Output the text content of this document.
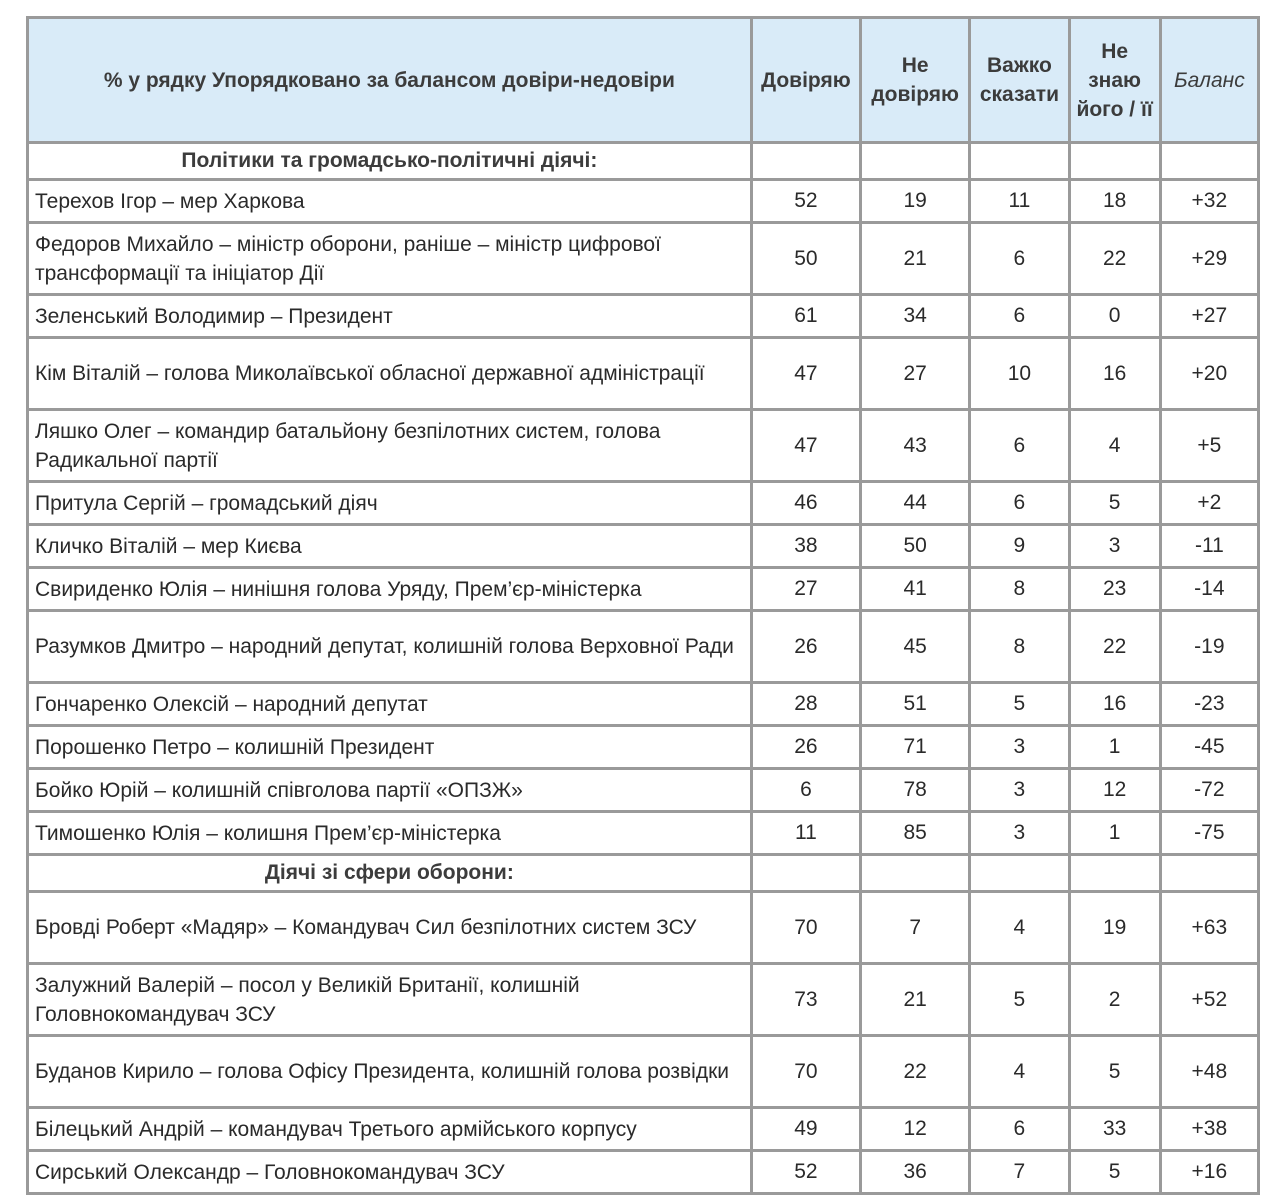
% у рядку Упорядковано за балансом довіри-недовіри	Довіряю	Не довіряю	Важко сказати	Не знаю його / її	Баланс
Політики та громадсько-політичні діячі:					
Терехов Ігор – мер Харкова	52	19	11	18	+32
Федоров Михайло – міністр оборони, раніше – міністр цифрової трансформації та ініціатор Дії	50	21	6	22	+29
Зеленський Володимир – Президент	61	34	6	0	+27
Кім Віталій – голова Миколаївської обласної державної адміністрації	47	27	10	16	+20
Ляшко Олег – командир батальйону безпілотних систем, голова Радикальної партії	47	43	6	4	+5
Притула Сергій – громадський діяч	46	44	6	5	+2
Кличко Віталій – мер Києва	38	50	9	3	-11
Свириденко Юлія – нинішня голова Уряду, Прем’єр-міністерка	27	41	8	23	-14
Разумков Дмитро – народний депутат, колишній голова Верховної Ради	26	45	8	22	-19
Гончаренко Олексій – народний депутат	28	51	5	16	-23
Порошенко Петро – колишній Президент	26	71	3	1	-45
Бойко Юрій – колишній співголова партії «ОПЗЖ»	6	78	3	12	-72
Тимошенко Юлія – колишня Прем’єр-міністерка	11	85	3	1	-75
Діячі зі сфери оборони:					
Бровді Роберт «Мадяр» – Командувач Сил безпілотних систем ЗСУ	70	7	4	19	+63
Залужний Валерій – посол у Великій Британії, колишній Головнокомандувач ЗСУ	73	21	5	2	+52
Буданов Кирило – голова Офісу Президента, колишній голова розвідки	70	22	4	5	+48
Білецький Андрій – командувач Третього армійського корпусу	49	12	6	33	+38
Сирський Олександр – Головнокомандувач ЗСУ	52	36	7	5	+16
